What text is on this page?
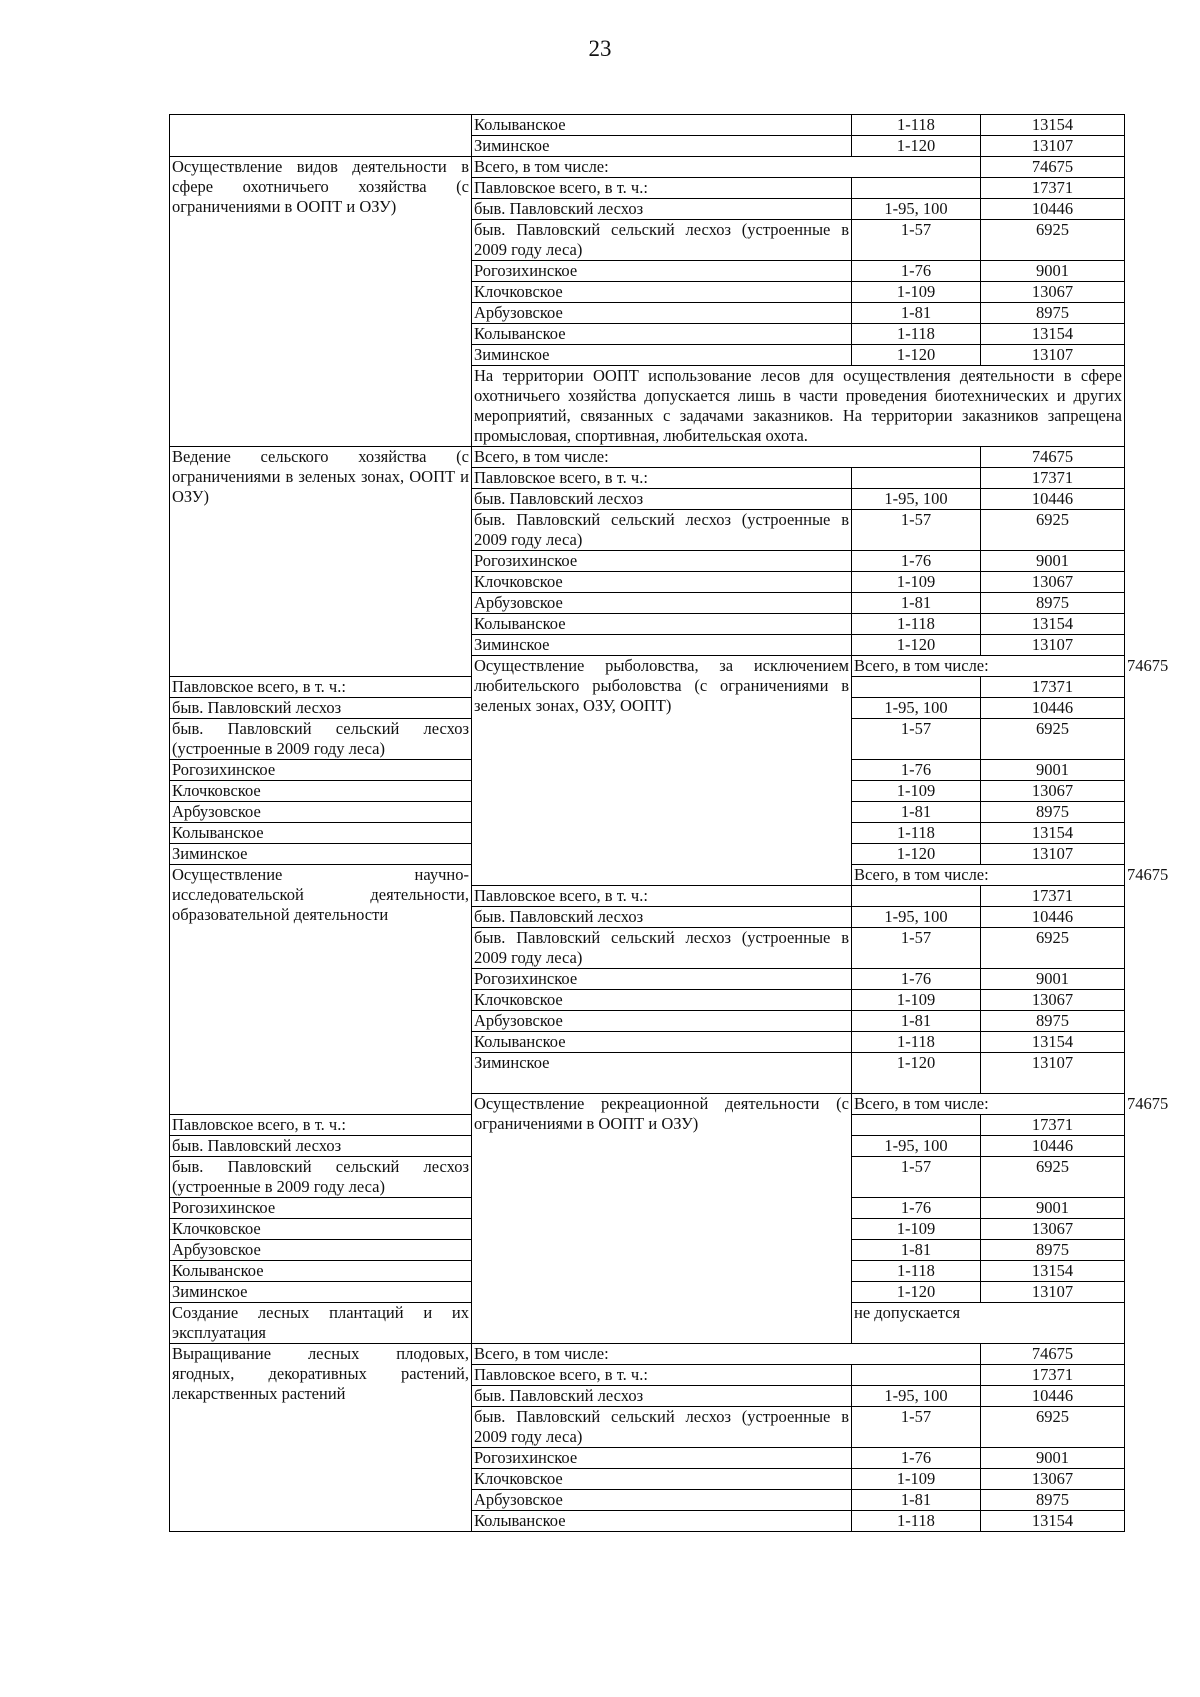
23
	Колыванское	1-118	13154	
	Зиминское	1-120	13107	
Осуществление видов деятельности в сфере охотничьего хозяйства (с ограничениями в ООПТ и ОЗУ)	Всего, в том числе:		74675	
	Павловское всего, в т. ч.:		17371	
	быв. Павловский лесхоз	1-95, 100	10446	
	быв. Павловский сельский лесхоз (устроенные в 2009 году леса)	1-57	6925	
	Рогозихинское	1-76	9001	
	Клочковское	1-109	13067	
	Арбузовское	1-81	8975	
	Колыванское	1-118	13154	
	Зиминское	1-120	13107	
	На территории ООПТ использование лесов для осуществления деятельности в сфере охотничьего хозяйства допускается лишь в части проведения биотехнических и других мероприятий, связанных с задачами заказников. На территории заказников запрещена промысловая, спортивная, любительская охота.			
Ведение сельского хозяйства (с ограничениями в зеленых зонах, ООПТ и ОЗУ)	Всего, в том числе:		74675	
	Павловское всего, в т. ч.:		17371	
	быв. Павловский лесхоз	1-95, 100	10446	
	быв. Павловский сельский лесхоз (устроенные в 2009 году леса)	1-57	6925	
	Рогозихинское	1-76	9001	
	Клочковское	1-109	13067	
	Арбузовское	1-81	8975	
	Колыванское	1-118	13154	
	Зиминское	1-120	13107	
	Осуществление рыболовства, за исключением любительского рыболовства (с ограничениями в зеленых зонах, ОЗУ, ООПТ)	Всего, в том числе:		74675
Павловское всего, в т. ч.:			17371	
быв. Павловский лесхоз		1-95, 100	10446	
быв. Павловский сельский лесхоз (устроенные в 2009 году леса)		1-57	6925	
Рогозихинское		1-76	9001	
Клочковское		1-109	13067	
Арбузовское		1-81	8975	
Колыванское		1-118	13154	
Зиминское		1-120	13107	
Осуществление научно-исследовательской деятельности, образовательной деятельности		Всего, в том числе:		74675
	Павловское всего, в т. ч.:		17371	
	быв. Павловский лесхоз	1-95, 100	10446	
	быв. Павловский сельский лесхоз (устроенные в 2009 году леса)	1-57	6925	
	Рогозихинское	1-76	9001	
	Клочковское	1-109	13067	
	Арбузовское	1-81	8975	
	Колыванское	1-118	13154	
	Зиминское	1-120	13107	
	Осуществление рекреационной деятельности (с ограничениями в ООПТ и ОЗУ)	Всего, в том числе:		74675
Павловское всего, в т. ч.:			17371	
быв. Павловский лесхоз		1-95, 100	10446	
быв. Павловский сельский лесхоз (устроенные в 2009 году леса)		1-57	6925	
Рогозихинское		1-76	9001	
Клочковское		1-109	13067	
Арбузовское		1-81	8975	
Колыванское		1-118	13154	
Зиминское		1-120	13107	
Создание лесных плантаций и их эксплуатация		не допускается		
Выращивание лесных плодовых, ягодных, декоративных растений, лекарственных растений	Всего, в том числе:		74675	
	Павловское всего, в т. ч.:		17371	
	быв. Павловский лесхоз	1-95, 100	10446	
	быв. Павловский сельский лесхоз (устроенные в 2009 году леса)	1-57	6925	
	Рогозихинское	1-76	9001	
	Клочковское	1-109	13067	
	Арбузовское	1-81	8975	
	Колыванское	1-118	13154	
